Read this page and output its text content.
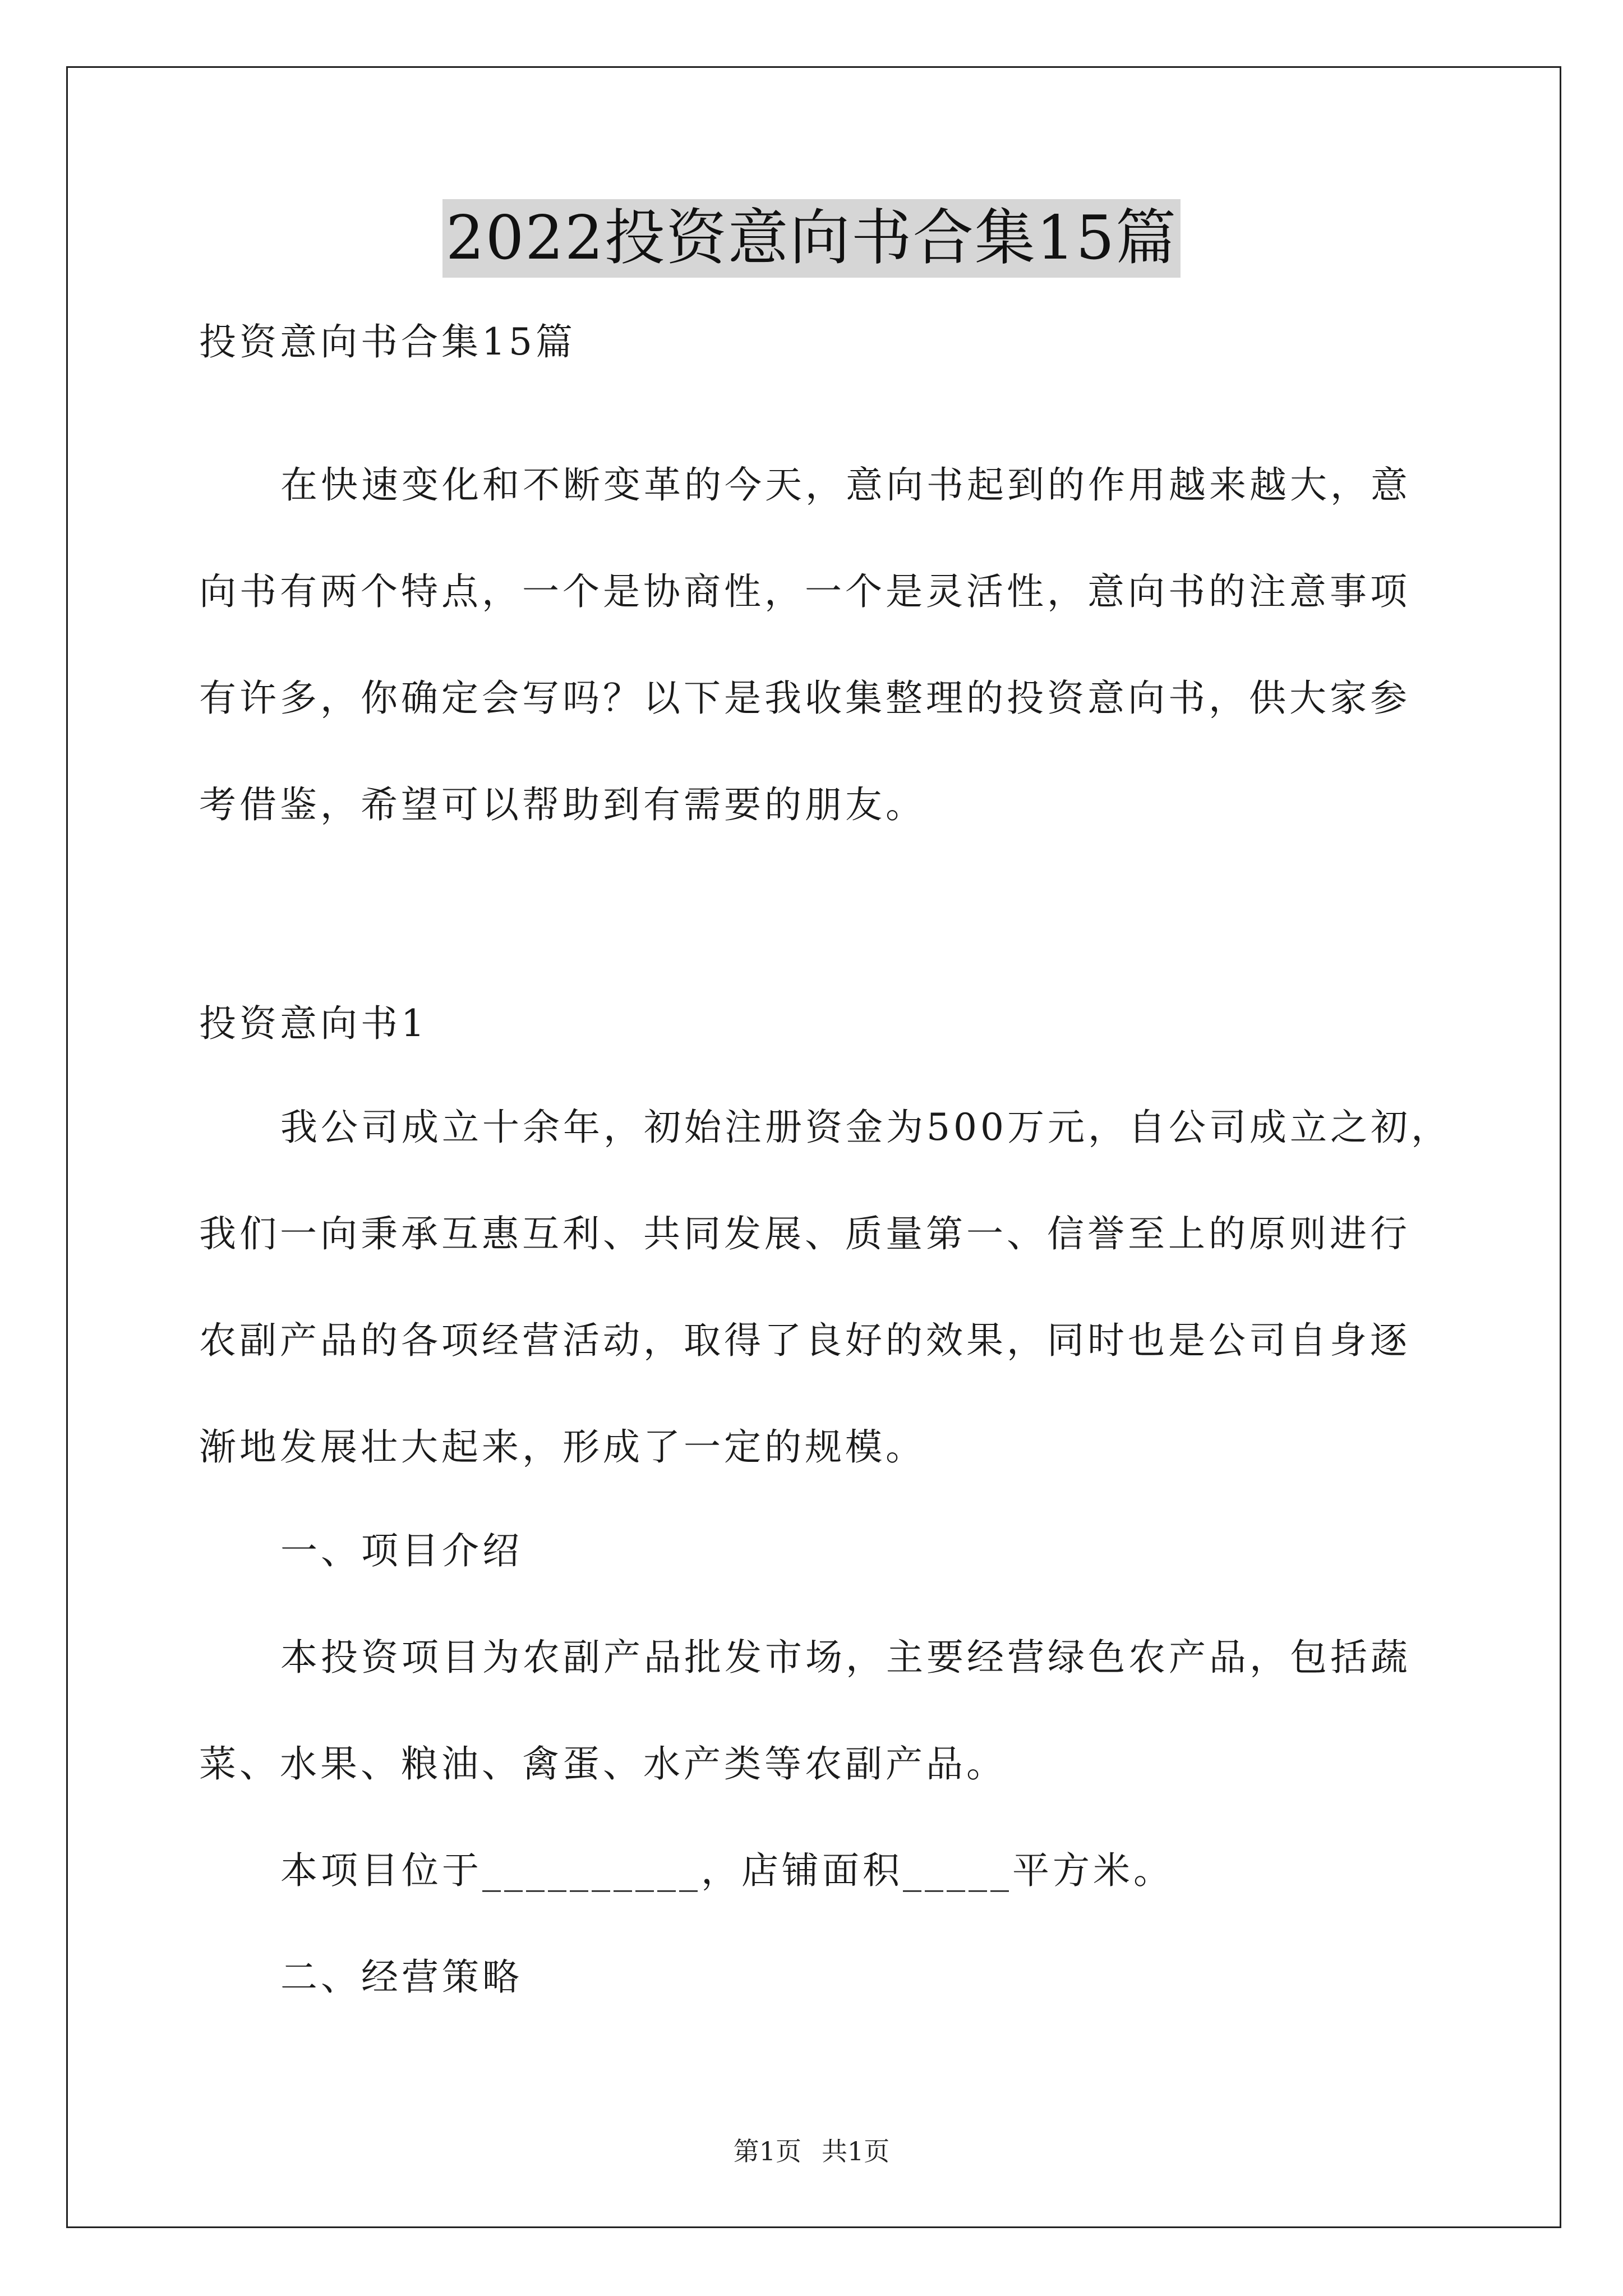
2022投资意向书合集15篇
投资意向书合集15篇
在快速变化和不断变革的今天，意向书起到的作用越来越大，意
向书有两个特点，一个是协商性，一个是灵活性，意向书的注意事项
有许多，你确定会写吗？以下是我收集整理的投资意向书，供大家参
考借鉴，希望可以帮助到有需要的朋友。
投资意向书1
我公司成立十余年，初始注册资金为500万元，自公司成立之初，
我们一向秉承互惠互利、共同发展、质量第一、信誉至上的原则进行
农副产品的各项经营活动，取得了良好的效果，同时也是公司自身逐
渐地发展壮大起来，形成了一定的规模。
一、项目介绍
本投资项目为农副产品批发市场，主要经营绿色农产品，包括蔬
菜、水果、粮油、禽蛋、水产类等农副产品。
本项目位于__________，店铺面积_____平方米。
二、经营策略
第1页 共1页
